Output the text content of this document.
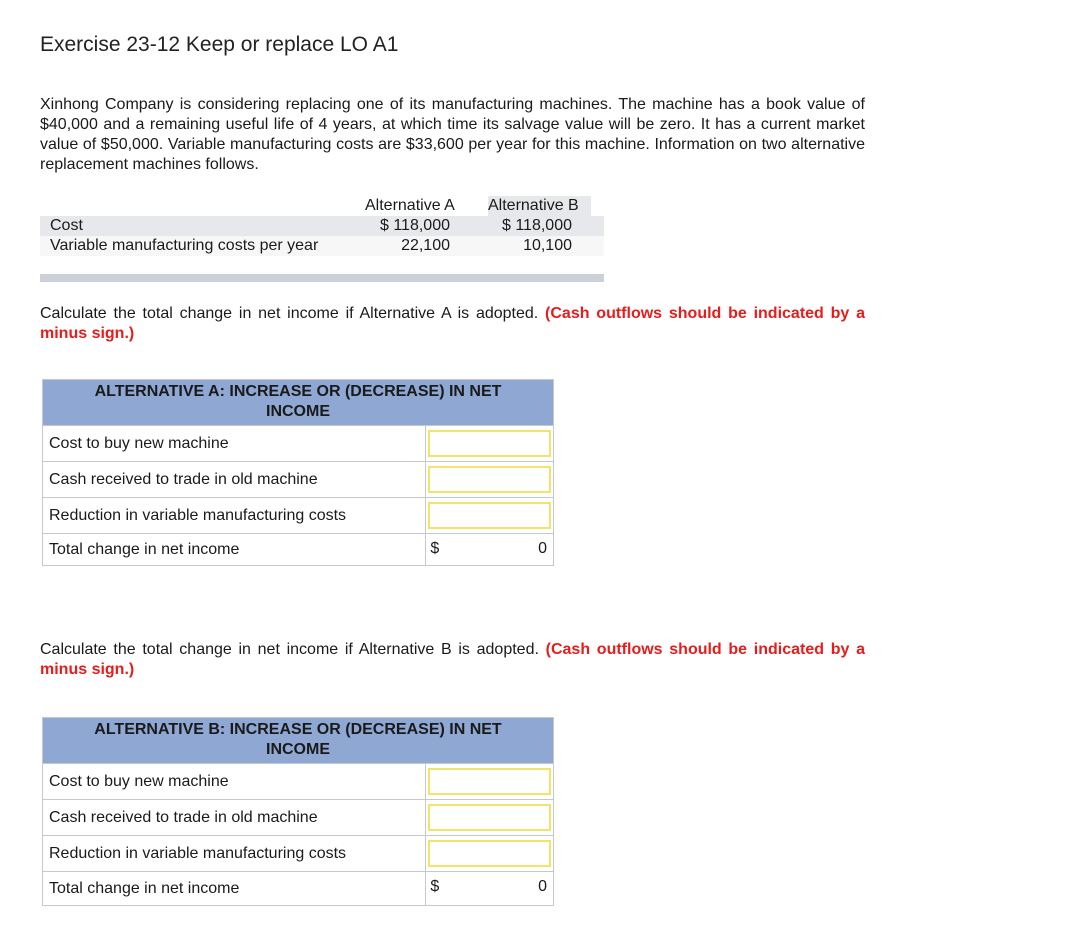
Exercise 23-12 Keep or replace LO A1

Xinhong Company is considering replacing one of its manufacturing machines. The machine has a book value of $40,000 and a remaining useful life of 4 years, at which time its salvage value will be zero. It has a current market value of $50,000. Variable manufacturing costs are $33,600 per year for this machine. Information on two alternative replacement machines follows.

Alternative A Alternative B
Cost	$ 118,000	$ 118,000
Variable manufacturing costs per year	22,100	10,100

Calculate the total change in net income if Alternative A is adopted. (Cash outflows should be indicated by a minus sign.)

ALTERNATIVE A: INCREASE OR (DECREASE) IN NET INCOME	
Cost to buy new machine	
Cash received to trade in old machine	
Reduction in variable manufacturing costs	
Total change in net income	$ 0

Calculate the total change in net income if Alternative B is adopted. (Cash outflows should be indicated by a minus sign.)

ALTERNATIVE B: INCREASE OR (DECREASE) IN NET INCOME	
Cost to buy new machine	
Cash received to trade in old machine	
Reduction in variable manufacturing costs	
Total change in net income	$ 0
